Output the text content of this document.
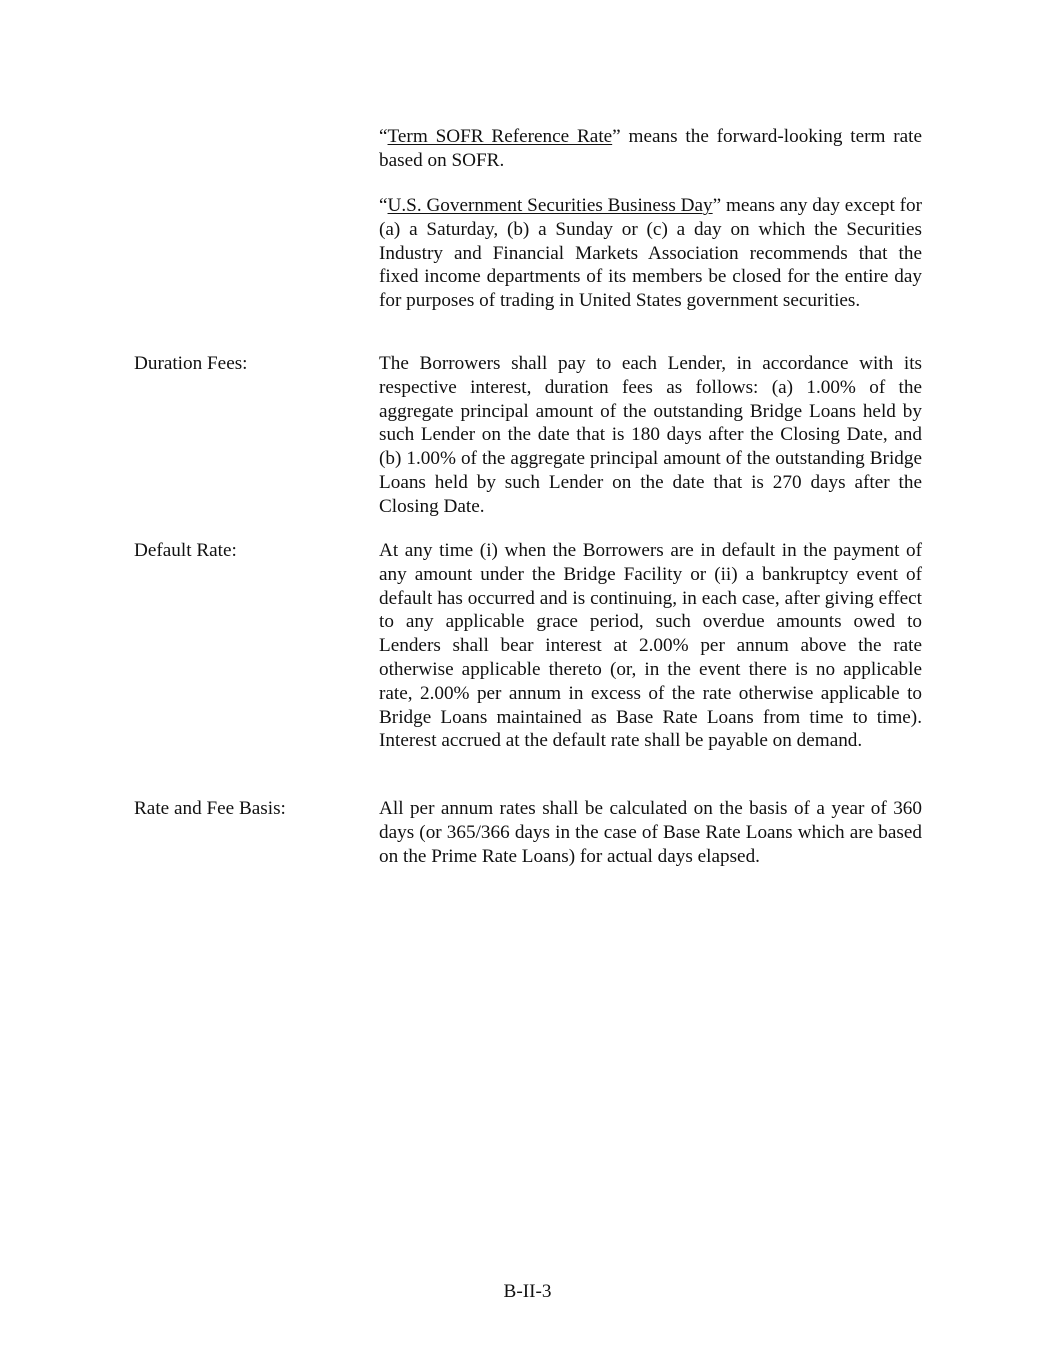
“Term SOFR Reference Rate” means the forward-looking term rate based on SOFR.
“U.S. Government Securities Business Day” means any day except for (a) a Saturday, (b) a Sunday or (c) a day on which the Securities Industry and Financial Markets Association recommends that the fixed income departments of its members be closed for the entire day for purposes of trading in United States government securities.
Duration Fees:	The Borrowers shall pay to each Lender, in accordance with its respective interest, duration fees as follows: (a) 1.00% of the aggregate principal amount of the outstanding Bridge Loans held by such Lender on the date that is 180 days after the Closing Date, and (b) 1.00% of the aggregate principal amount of the outstanding Bridge Loans held by such Lender on the date that is 270 days after the Closing Date.
Default Rate:	At any time (i) when the Borrowers are in default in the payment of any amount under the Bridge Facility or (ii) a bankruptcy event of default has occurred and is continuing, in each case, after giving effect to any applicable grace period, such overdue amounts owed to Lenders shall bear interest at 2.00% per annum above the rate otherwise applicable thereto (or, in the event there is no applicable rate, 2.00% per annum in excess of the rate otherwise applicable to Bridge Loans maintained as Base Rate Loans from time to time). Interest accrued at the default rate shall be payable on demand.
Rate and Fee Basis:	All per annum rates shall be calculated on the basis of a year of 360 days (or 365/366 days in the case of Base Rate Loans which are based on the Prime Rate Loans) for actual days elapsed.
B-II-3
